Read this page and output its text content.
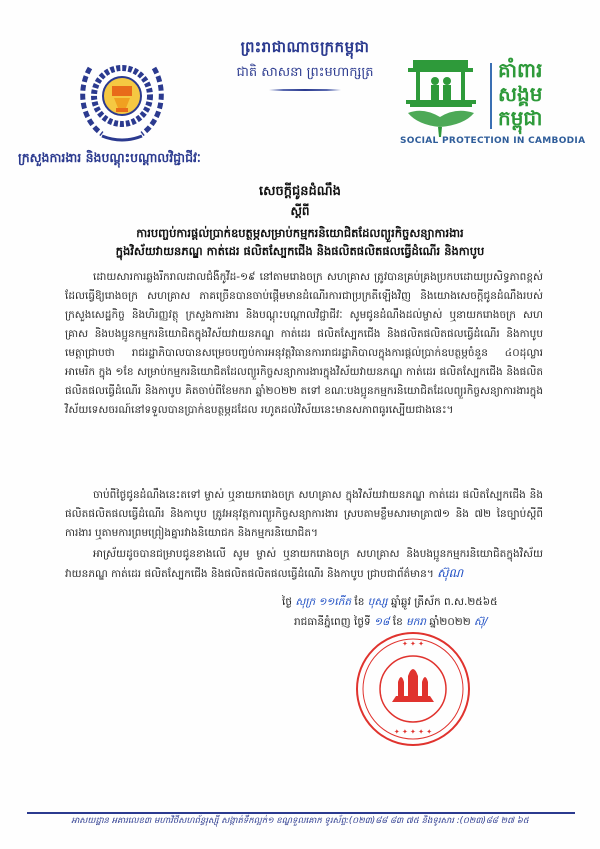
ព្រះរាជាណាចក្រកម្ពុជា
ជាតិ សាសនា ព្រះមហាក្សត្រ	គាំពារ
សង្គម
កម្ពុជា
SOCIAL PROTECTION IN CAMBODIA
ក្រសួងការងារ និងបណ្តុះបណ្តាលវិជ្ជាជីវៈ
សេចក្តីជូនដំណឹង
ស្តីពី
ការបញ្ចប់ការផ្តល់ប្រាក់ឧបត្ថម្ភសម្រាប់កម្មករនិយោជិតដែលព្យួរកិច្ចសន្យាការងារ
ក្នុងវិស័យវាយនភណ្ឌ កាត់ដេរ ផលិតស្បែកជើង និងផលិតផលិតផលធ្វើដំណើរ និងកាបូប
ដោយសារការឆ្លងរីករាលដាលជំងឺកូវីដ-១៩ នៅតាមរោងចក្រ សហគ្រាស ត្រូវបានគ្រប់គ្រងប្រកបដោយប្រសិទ្ធភាពខ្ពស់ ដែលធ្វើឱ្យរោងចក្រ សហគ្រាស ភាគច្រើនបានចាប់ផ្តើមមានដំណើរការជាប្រក្រតីឡើងវិញ និងយោងសេចក្តីជូនដំណឹងរបស់ក្រសួងសេដ្ឋកិច្ច និងហិរញ្ញវត្ថុ ក្រសួងការងារ និងបណ្តុះបណ្តាលវិជ្ជាជីវៈ សូមជូនដំណឹងដល់ម្ចាស់ ឬនាយករោងចក្រ សហគ្រាស និងបងប្អូនកម្មករនិយោជិតក្នុងវិស័យវាយនភណ្ឌ កាត់ដេរ ផលិតស្បែកជើង និងផលិតផលិតផលធ្វើដំណើរ និងកាបូប មេត្តាជ្រាបថា រាជរដ្ឋាភិបាលបានសម្រេចបញ្ចប់ការអនុវត្តវិធានការរាជរដ្ឋាភិបាលក្នុងការផ្តល់ប្រាក់ឧបត្ថម្ភចំនួន ៤០ដុល្លារអាមេរិក ក្នុង ១ខែ សម្រាប់កម្មករនិយោជិតដែលព្យួរកិច្ចសន្យាការងារក្នុងវិស័យវាយនភណ្ឌ កាត់ដេរ ផលិតស្បែកជើង និងផលិតផលិតផលធ្វើដំណើរ និងកាបូប គិតចាប់ពីខែមករា ឆ្នាំ២០២២ តទៅ ខណៈបងប្អូនកម្មករនិយោជិតដែលព្យួរកិច្ចសន្យាការងារក្នុងវិស័យទេសចរណ៍នៅទទួលបានប្រាក់ឧបត្ថម្ភដដែល រហូតដល់វិស័យនេះមានសភាពធូរស្បើយជាងនេះ។
ចាប់ពីថ្ងៃជូនដំណឹងនេះតទៅ ម្ចាស់ ឬនាយករោងចក្រ សហគ្រាស ក្នុងវិស័យវាយនភណ្ឌ កាត់ដេរ ផលិតស្បែកជើង និងផលិតផលិតផលធ្វើដំណើរ និងកាបូប ត្រូវអនុវត្តការព្យួរកិច្ចសន្យាការងារ ស្របតាមខ្លឹមសារមាត្រា៧១ និង ៧២ នៃច្បាប់ស្តីពីការងារ ឬតាមការព្រមព្រៀងគ្នារវាងនិយោជក និងកម្មករនិយោជិត។
អាស្រ័យដូចបានជម្រាបជូនខាងលើ សូម ម្ចាស់ ឬនាយករោងចក្រ សហគ្រាស និងបងប្អូនកម្មករនិយោជិតក្នុងវិស័យវាយនភណ្ឌ កាត់ដេរ ផលិតស្បែកជើង និងផលិតផលិតផលធ្វើដំណើរ និងកាបូប ជ្រាបជាព័ត៌មាន។ ស៊ុណ
ថ្ងៃ សុក្រ ១១កើត ខែ បុស្ស ឆ្នាំឆ្លូវ ត្រីស័ក ព.ស.២៥៦៥
រាជធានីភ្នំពេញ ថ្ងៃទី ១៨ ខែ មករា ឆ្នាំ២០២២ ស៊ុ/
✦ ✦ ✦ ✦ ✦
✦ ✦ ✦
អាសយដ្ឋាន អគារលេខ៣ មហាវិថីសហព័ន្ធរុស្ស៊ី សង្កាត់ទឹកល្អក់១ ខណ្ឌទួលគោក ទូរស័ព្ទ:(០២៣)៨៨ ៨៣ ៧៥ និងទូរសារ :(០២៣)៨៨ ២៧ ៦៥
